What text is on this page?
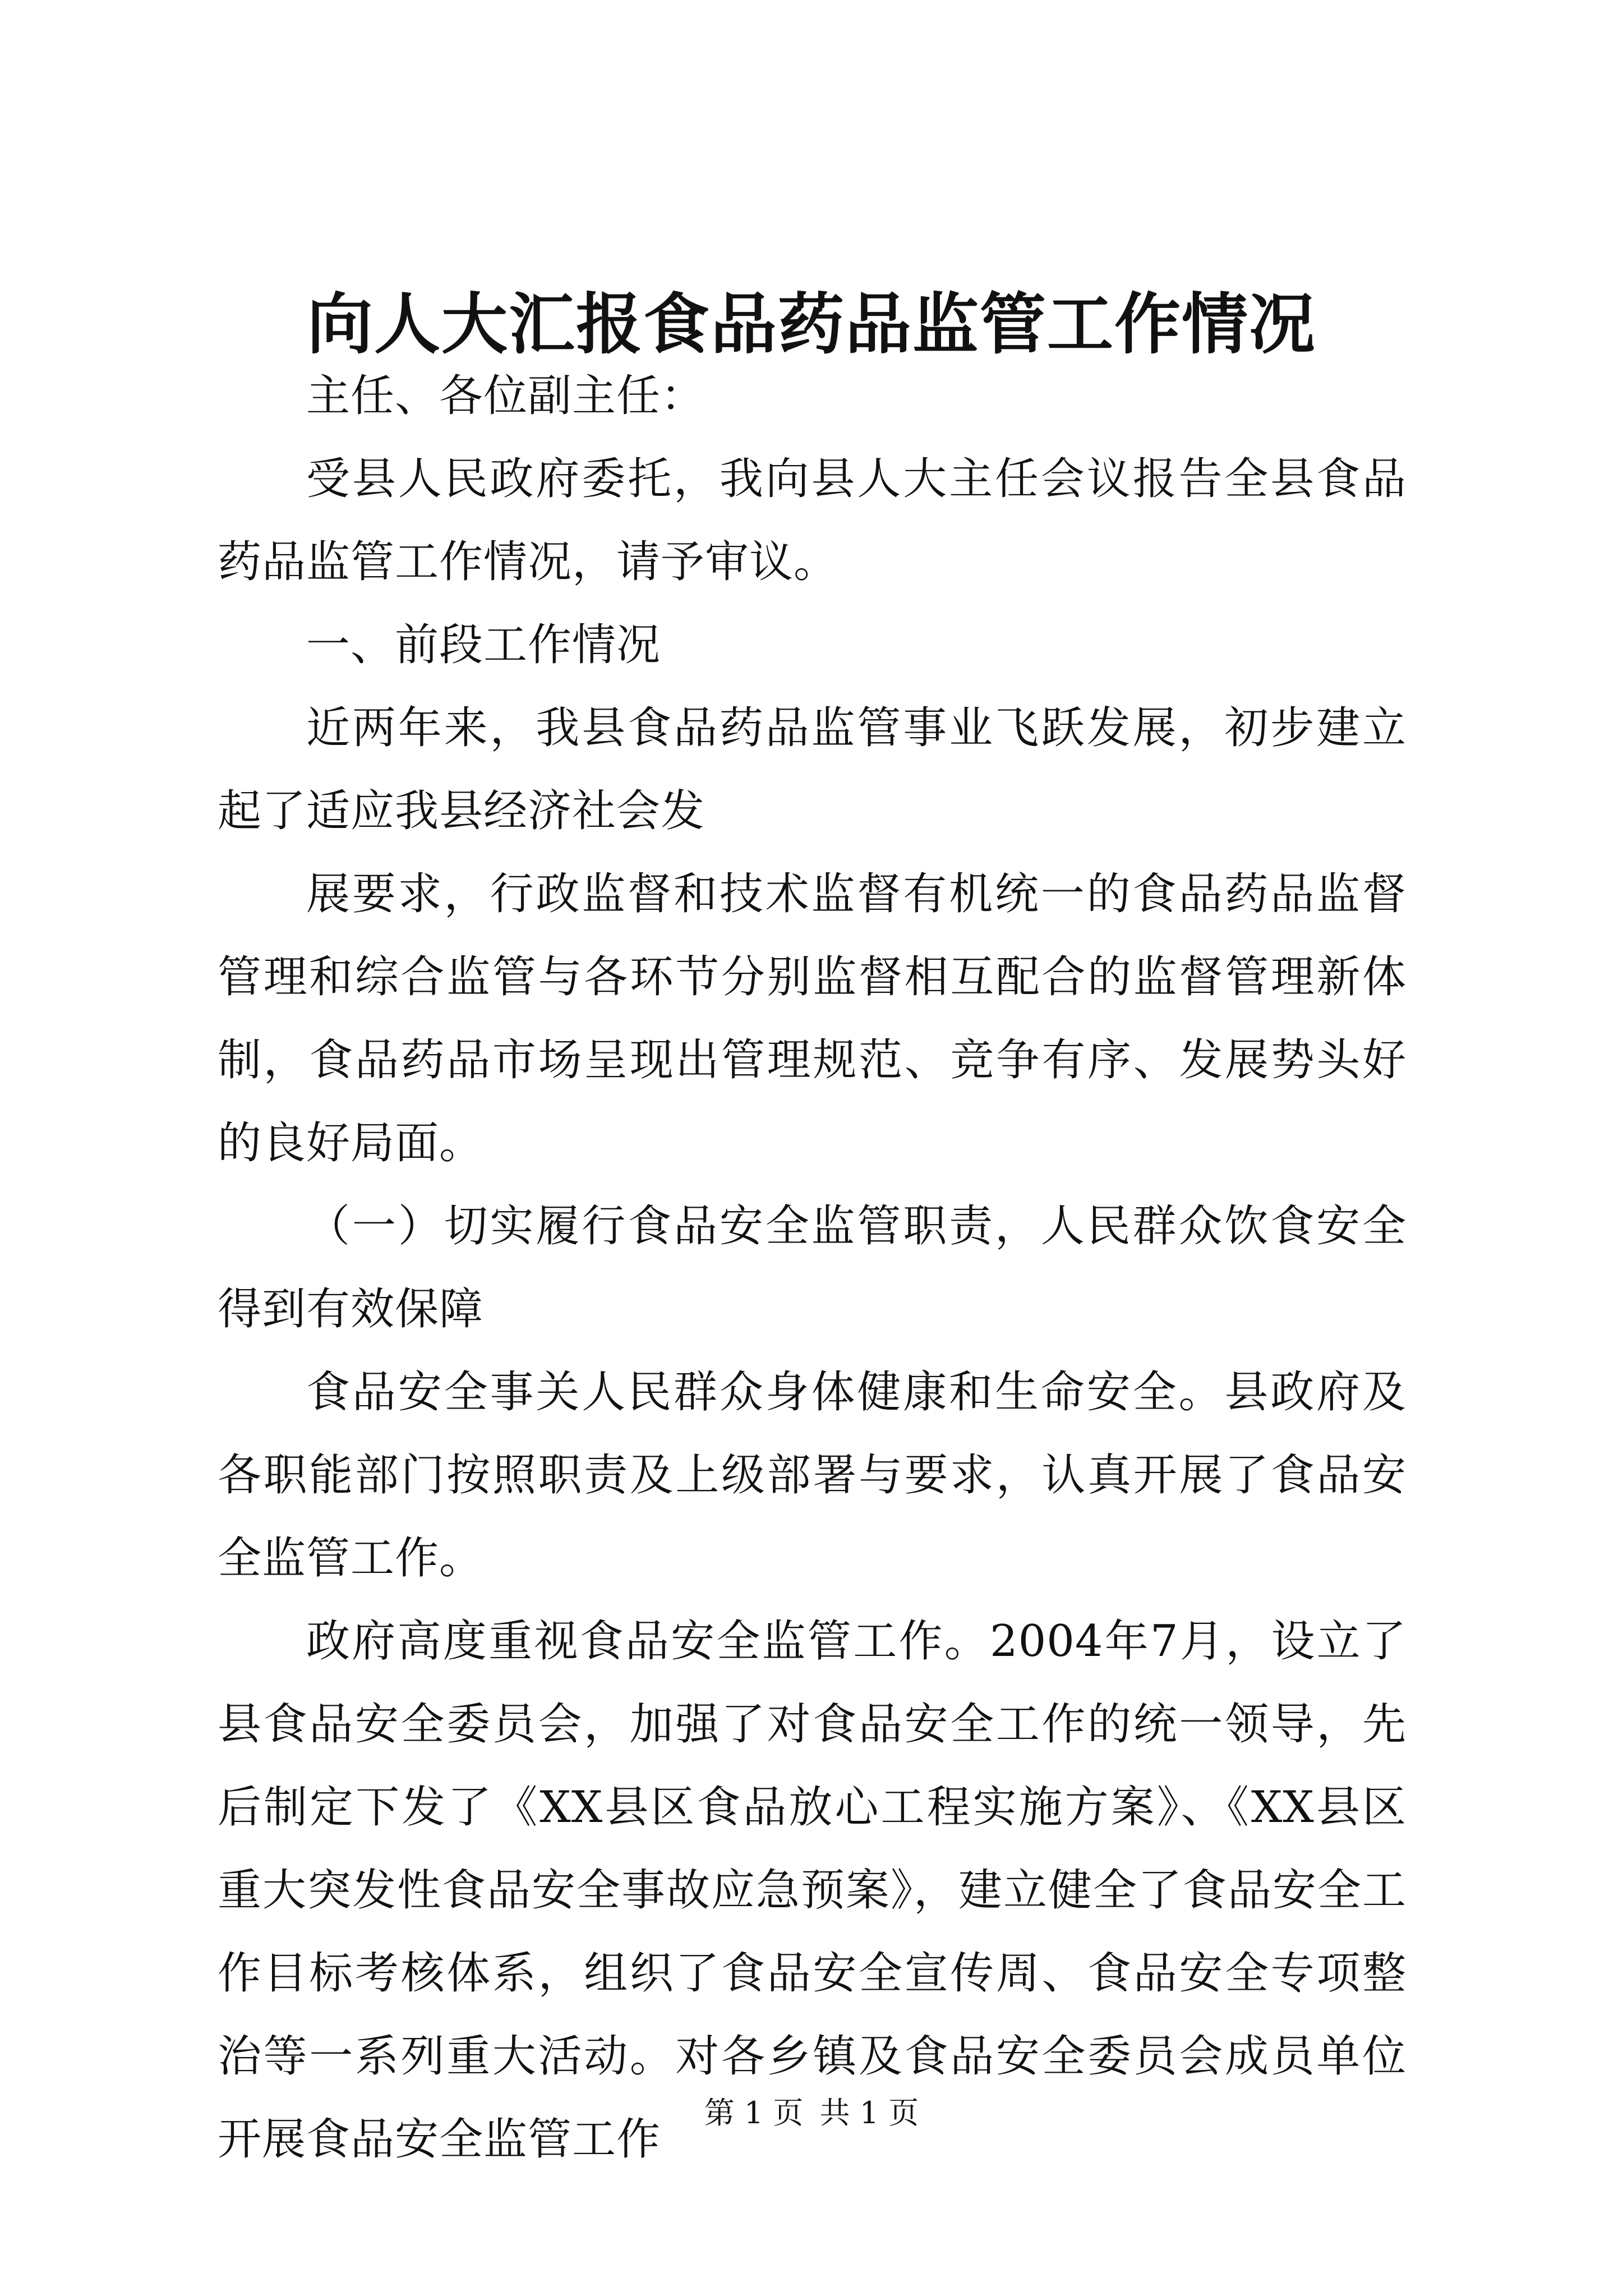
向人大汇报食品药品监管工作情况

主任、各位副主任：

受县人民政府委托，我向县人大主任会议报告全县食品药品监管工作情况，请予审议。

一、前段工作情况

近两年来，我县食品药品监管事业飞跃发展，初步建立起了适应我县经济社会发

展要求，行政监督和技术监督有机统一的食品药品监督管理和综合监管与各环节分别监督相互配合的监督管理新体制，食品药品市场呈现出管理规范、竞争有序、发展势头好的良好局面。

（一）切实履行食品安全监管职责，人民群众饮食安全得到有效保障

食品安全事关人民群众身体健康和生命安全。县政府及各职能部门按照职责及上级部署与要求，认真开展了食品安全监管工作。

政府高度重视食品安全监管工作。2004年7月，设立了县食品安全委员会，加强了对食品安全工作的统一领导，先后制定下发了《XX县区食品放心工程实施方案》、《XX县区重大突发性食品安全事故应急预案》，建立健全了食品安全工作目标考核体系，组织了食品安全宣传周、食品安全专项整治等一系列重大活动。对各乡镇及食品安全委员会成员单位开展食品安全监管工作

第 1 页 共 1 页
